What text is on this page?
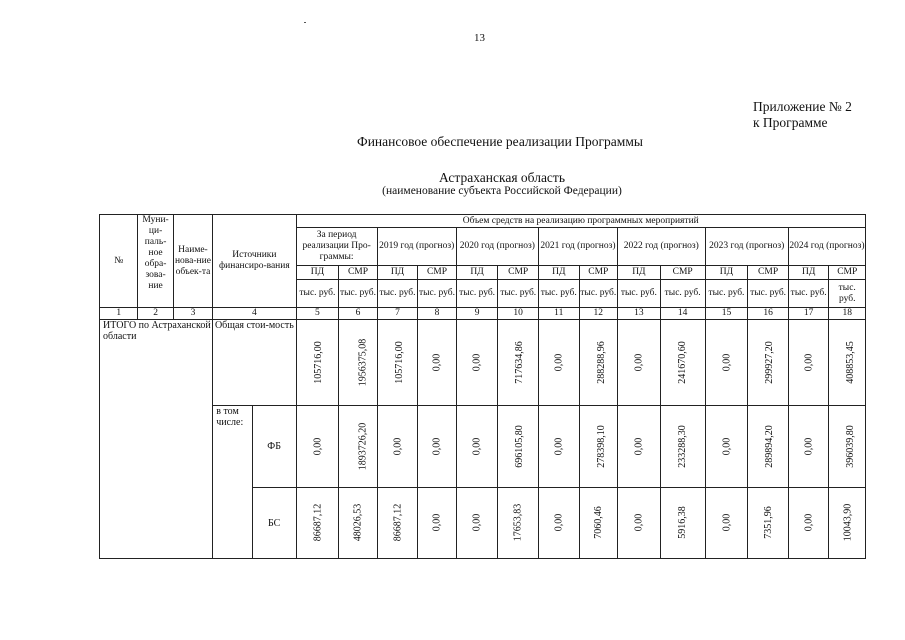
13
Приложение № 2
к Программе
Финансовое обеспечение реализации Программы
Астраханская область
(наименование субъекта Российской Федерации)
№	Муни-ци-паль-ное обра-зова-ние	Наиме-нова-ние объек-та	Источники финансиро-вания		Объем средств на реализацию программных мероприятий													
					За период реализации Про-граммы:		2019 год (прогноз)		2020 год (прогноз)		2021 год (прогноз)		2022 год (прогноз)		2023 год (прогноз)		2024 год (прогноз)	
					ПД	СМР	ПД	СМР	ПД	СМР	ПД	СМР	ПД	СМР	ПД	СМР	ПД	СМР
					тыс. руб.	тыс. руб.	тыс. руб.	тыс. руб.	тыс. руб.	тыс. руб.	тыс. руб.	тыс. руб.	тыс. руб.	тыс. руб.	тыс. руб.	тыс. руб.	тыс. руб.	тыс. руб.
1	2	3	4		5	6	7	8	9	10	11	12	13	14	15	16	17	18
ИТОГО по Астраханской области			Общая стои-мость		105716,00	1956375,08	105716,00	0,00	0,00	717634,86	0,00	288288,96	0,00	241670,60	0,00	299927,20	0,00	408853,45
			в том числе:	ФБ	0,00	1893726,20	0,00	0,00	0,00	696105,80	0,00	278398,10	0,00	233288,30	0,00	289894,20	0,00	396039,80
				БС	86687,12	48026,53	86687,12	0,00	0,00	17653,83	0,00	7060,46	0,00	5916,38	0,00	7351,96	0,00	10043,90
